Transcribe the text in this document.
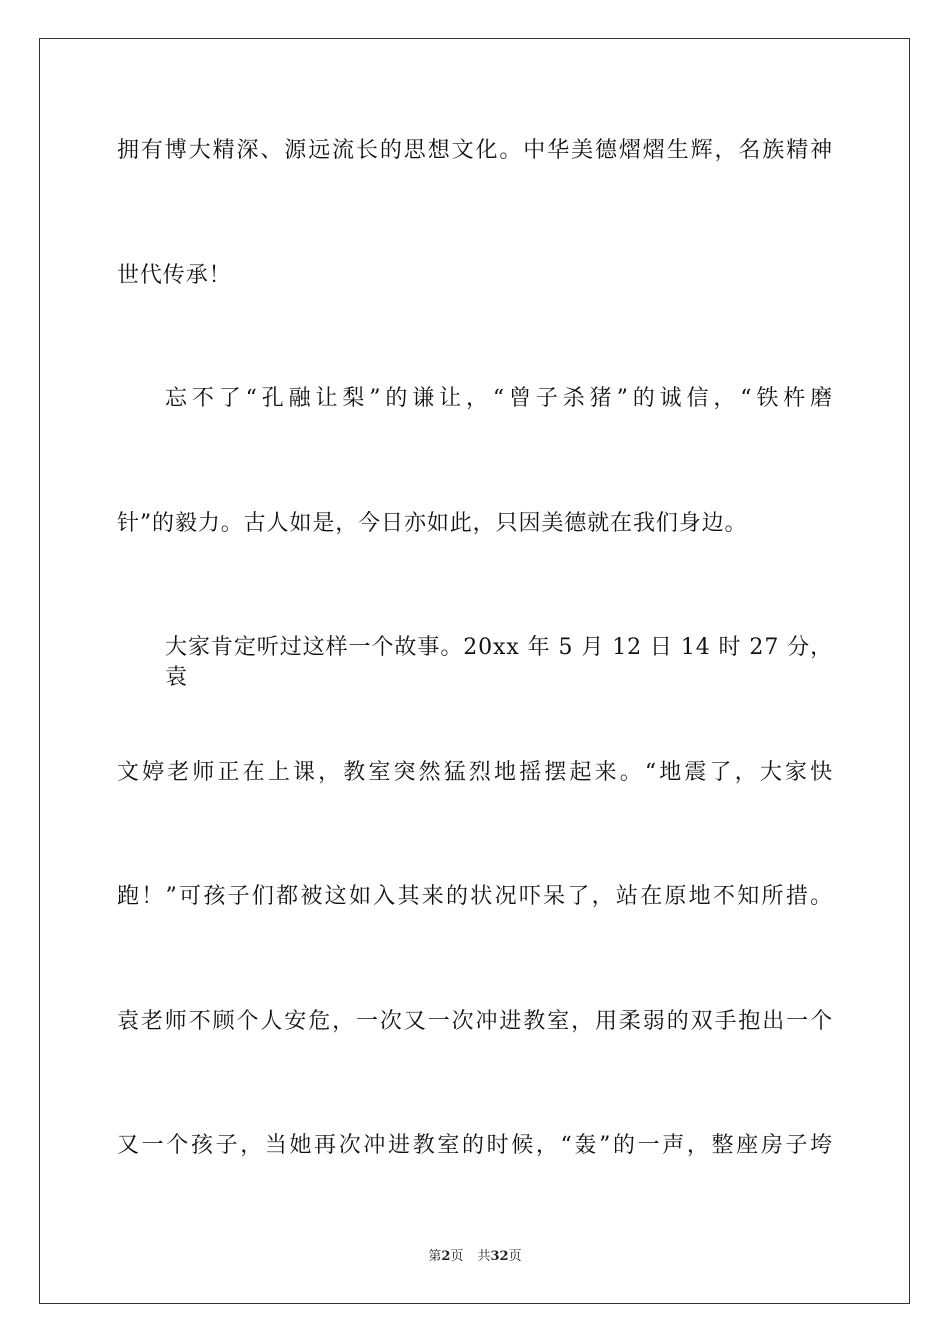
拥有博大精深、源远流长的思想文化。中华美德熠熠生辉，名族精神
世代传承！
忘不了“孔融让梨”的谦让，“曾子杀猪”的诚信，“铁杵磨
针”的毅力。古人如是，今日亦如此，只因美德就在我们身边。
大家肯定听过这样一个故事。20xx 年 5 月 12 日 14 时 27 分，袁
文婷老师正在上课，教室突然猛烈地摇摆起来。“地震了，大家快
跑！”可孩子们都被这如入其来的状况吓呆了，站在原地不知所措。
袁老师不顾个人安危，一次又一次冲进教室，用柔弱的双手抱出一个
又一个孩子，当她再次冲进教室的时候，“轰”的一声，整座房子垮
第2页 共32页
